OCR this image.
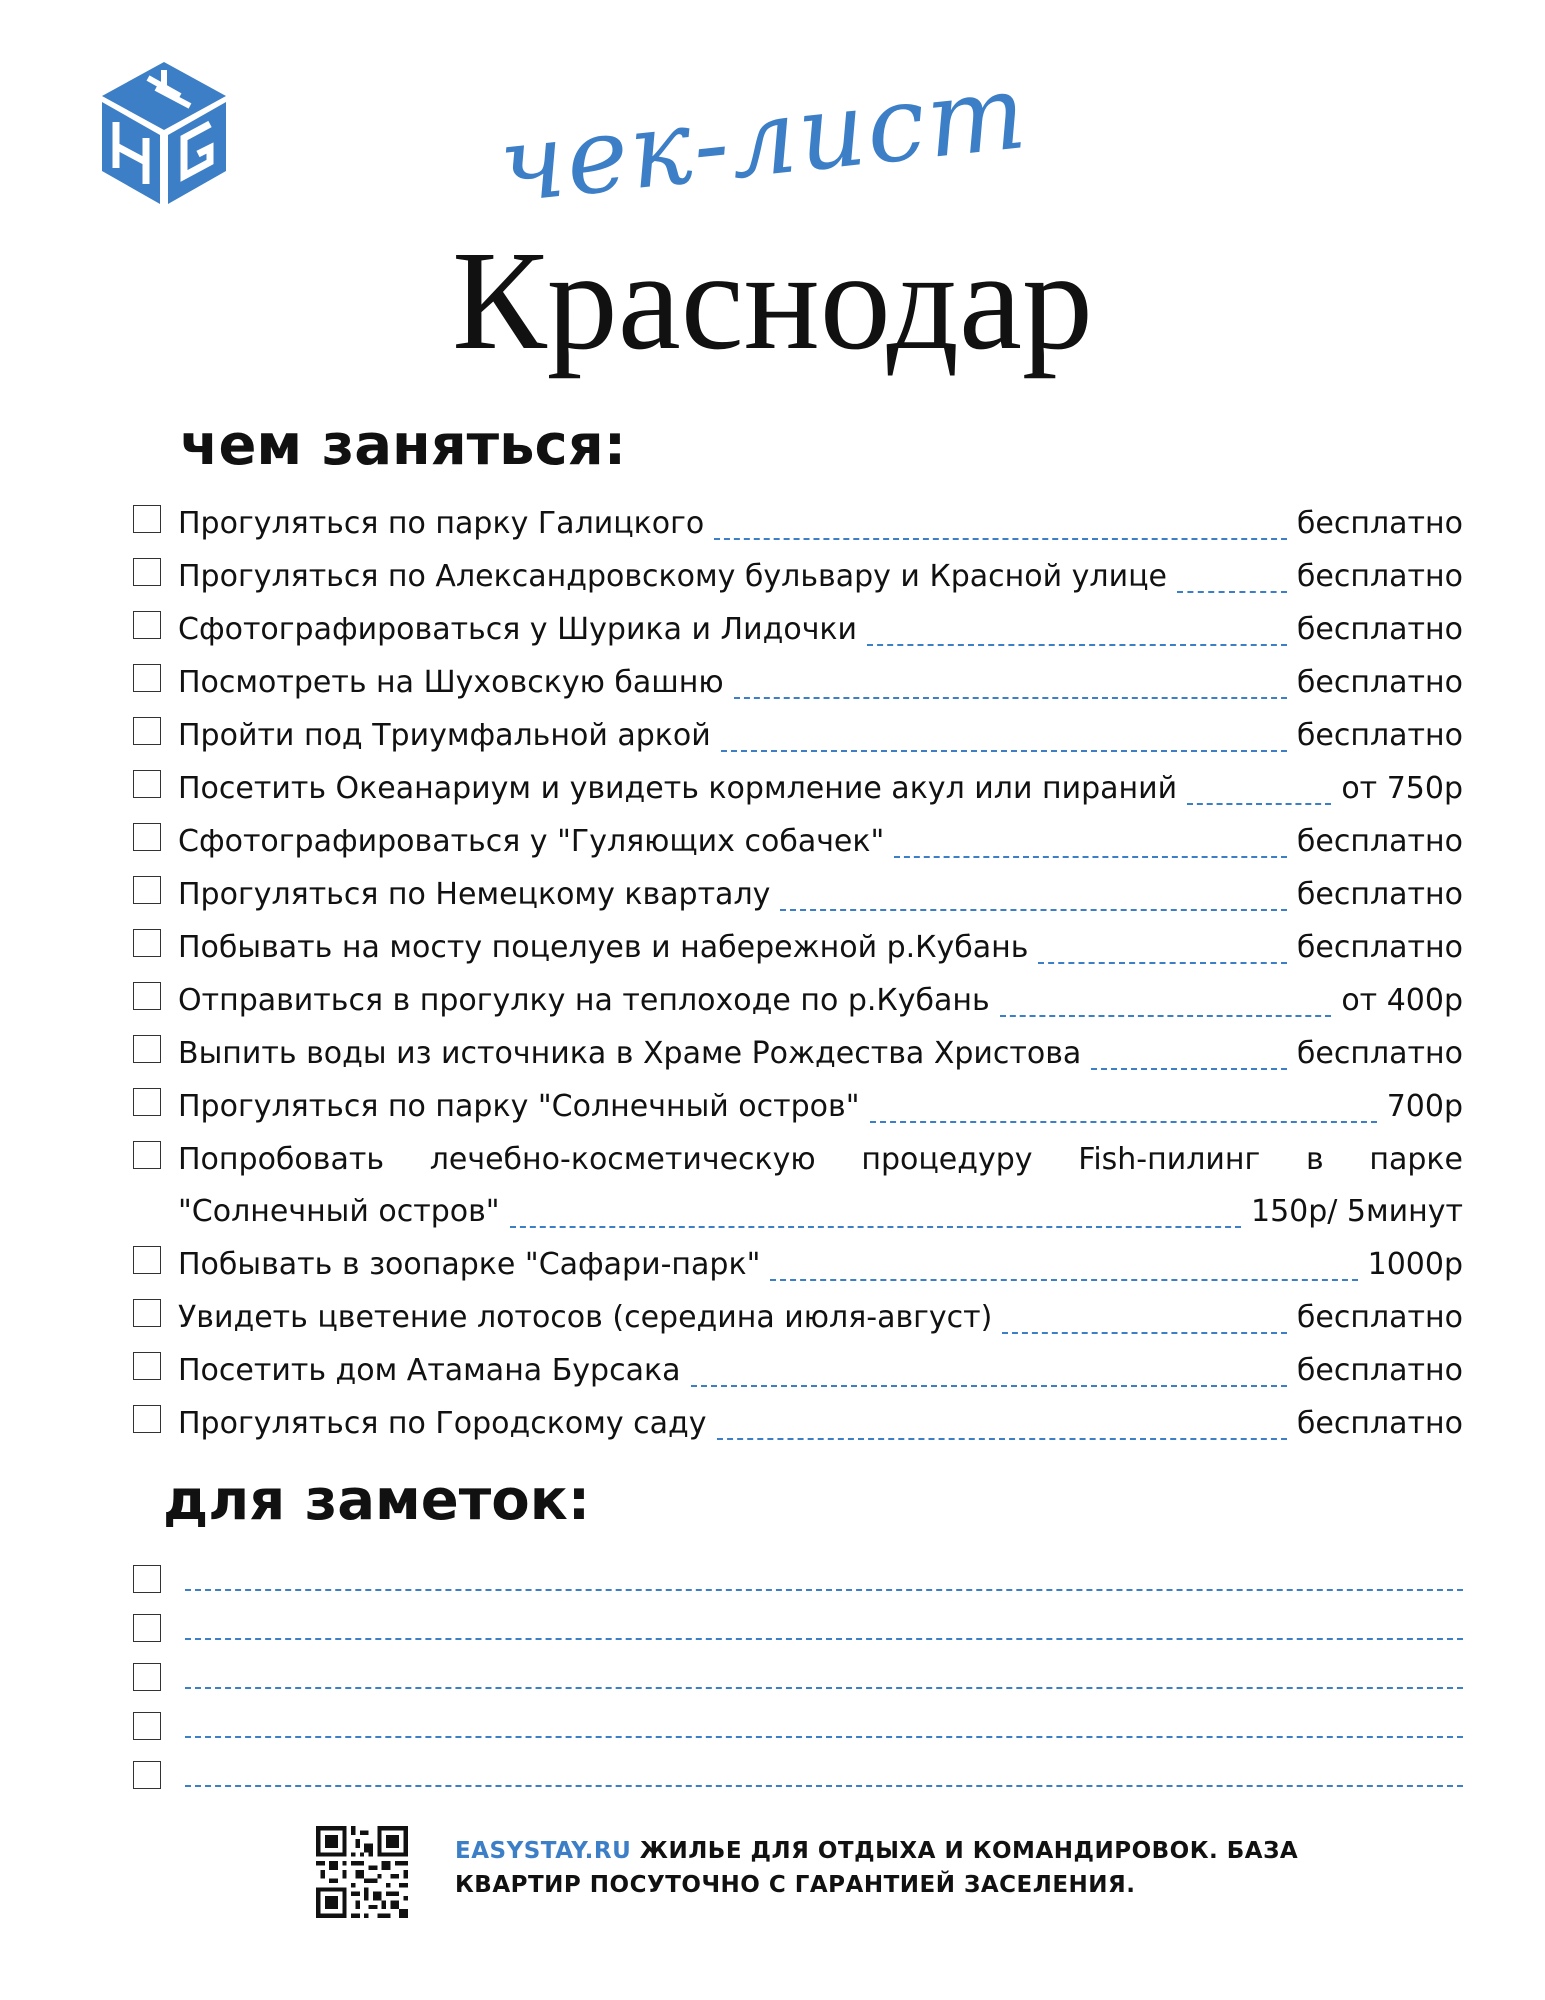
чек-лист
Краснодар
чем заняться:
Прогуляться по парку Галицкого	бесплатно
Прогуляться по Александровскому бульвару и Красной улице	бесплатно
Сфотографироваться у Шурика и Лидочки	бесплатно
Посмотреть на Шуховскую башню	бесплатно
Пройти под Триумфальной аркой	бесплатно
Посетить Океанариум и увидеть кормление акул или пираний	от 750р
Сфотографироваться у "Гуляющих собачек"	бесплатно
Прогуляться по Немецкому кварталу	бесплатно
Побывать на мосту поцелуев и набережной р.Кубань	бесплатно
Отправиться в прогулку на теплоходе по р.Кубань	от 400р
Выпить воды из источника в Храме Рождества Христова	бесплатно
Прогуляться по парку "Солнечный остров"	700р
Попробовать лечебно-косметическую процедуру Fish-пилинг в парке
"Солнечный остров"	150р/ 5минут
Побывать в зоопарке "Сафари-парк"	1000р
Увидеть цветение лотосов (середина июля-август)	бесплатно
Посетить дом Атамана Бурсака	бесплатно
Прогуляться по Городскому саду	бесплатно
для заметок:
EASYSTAY.RU ЖИЛЬЕ ДЛЯ ОТДЫХА И КОМАНДИРОВОК. БАЗА КВАРТИР ПОСУТОЧНО С ГАРАНТИЕЙ ЗАСЕЛЕНИЯ.
